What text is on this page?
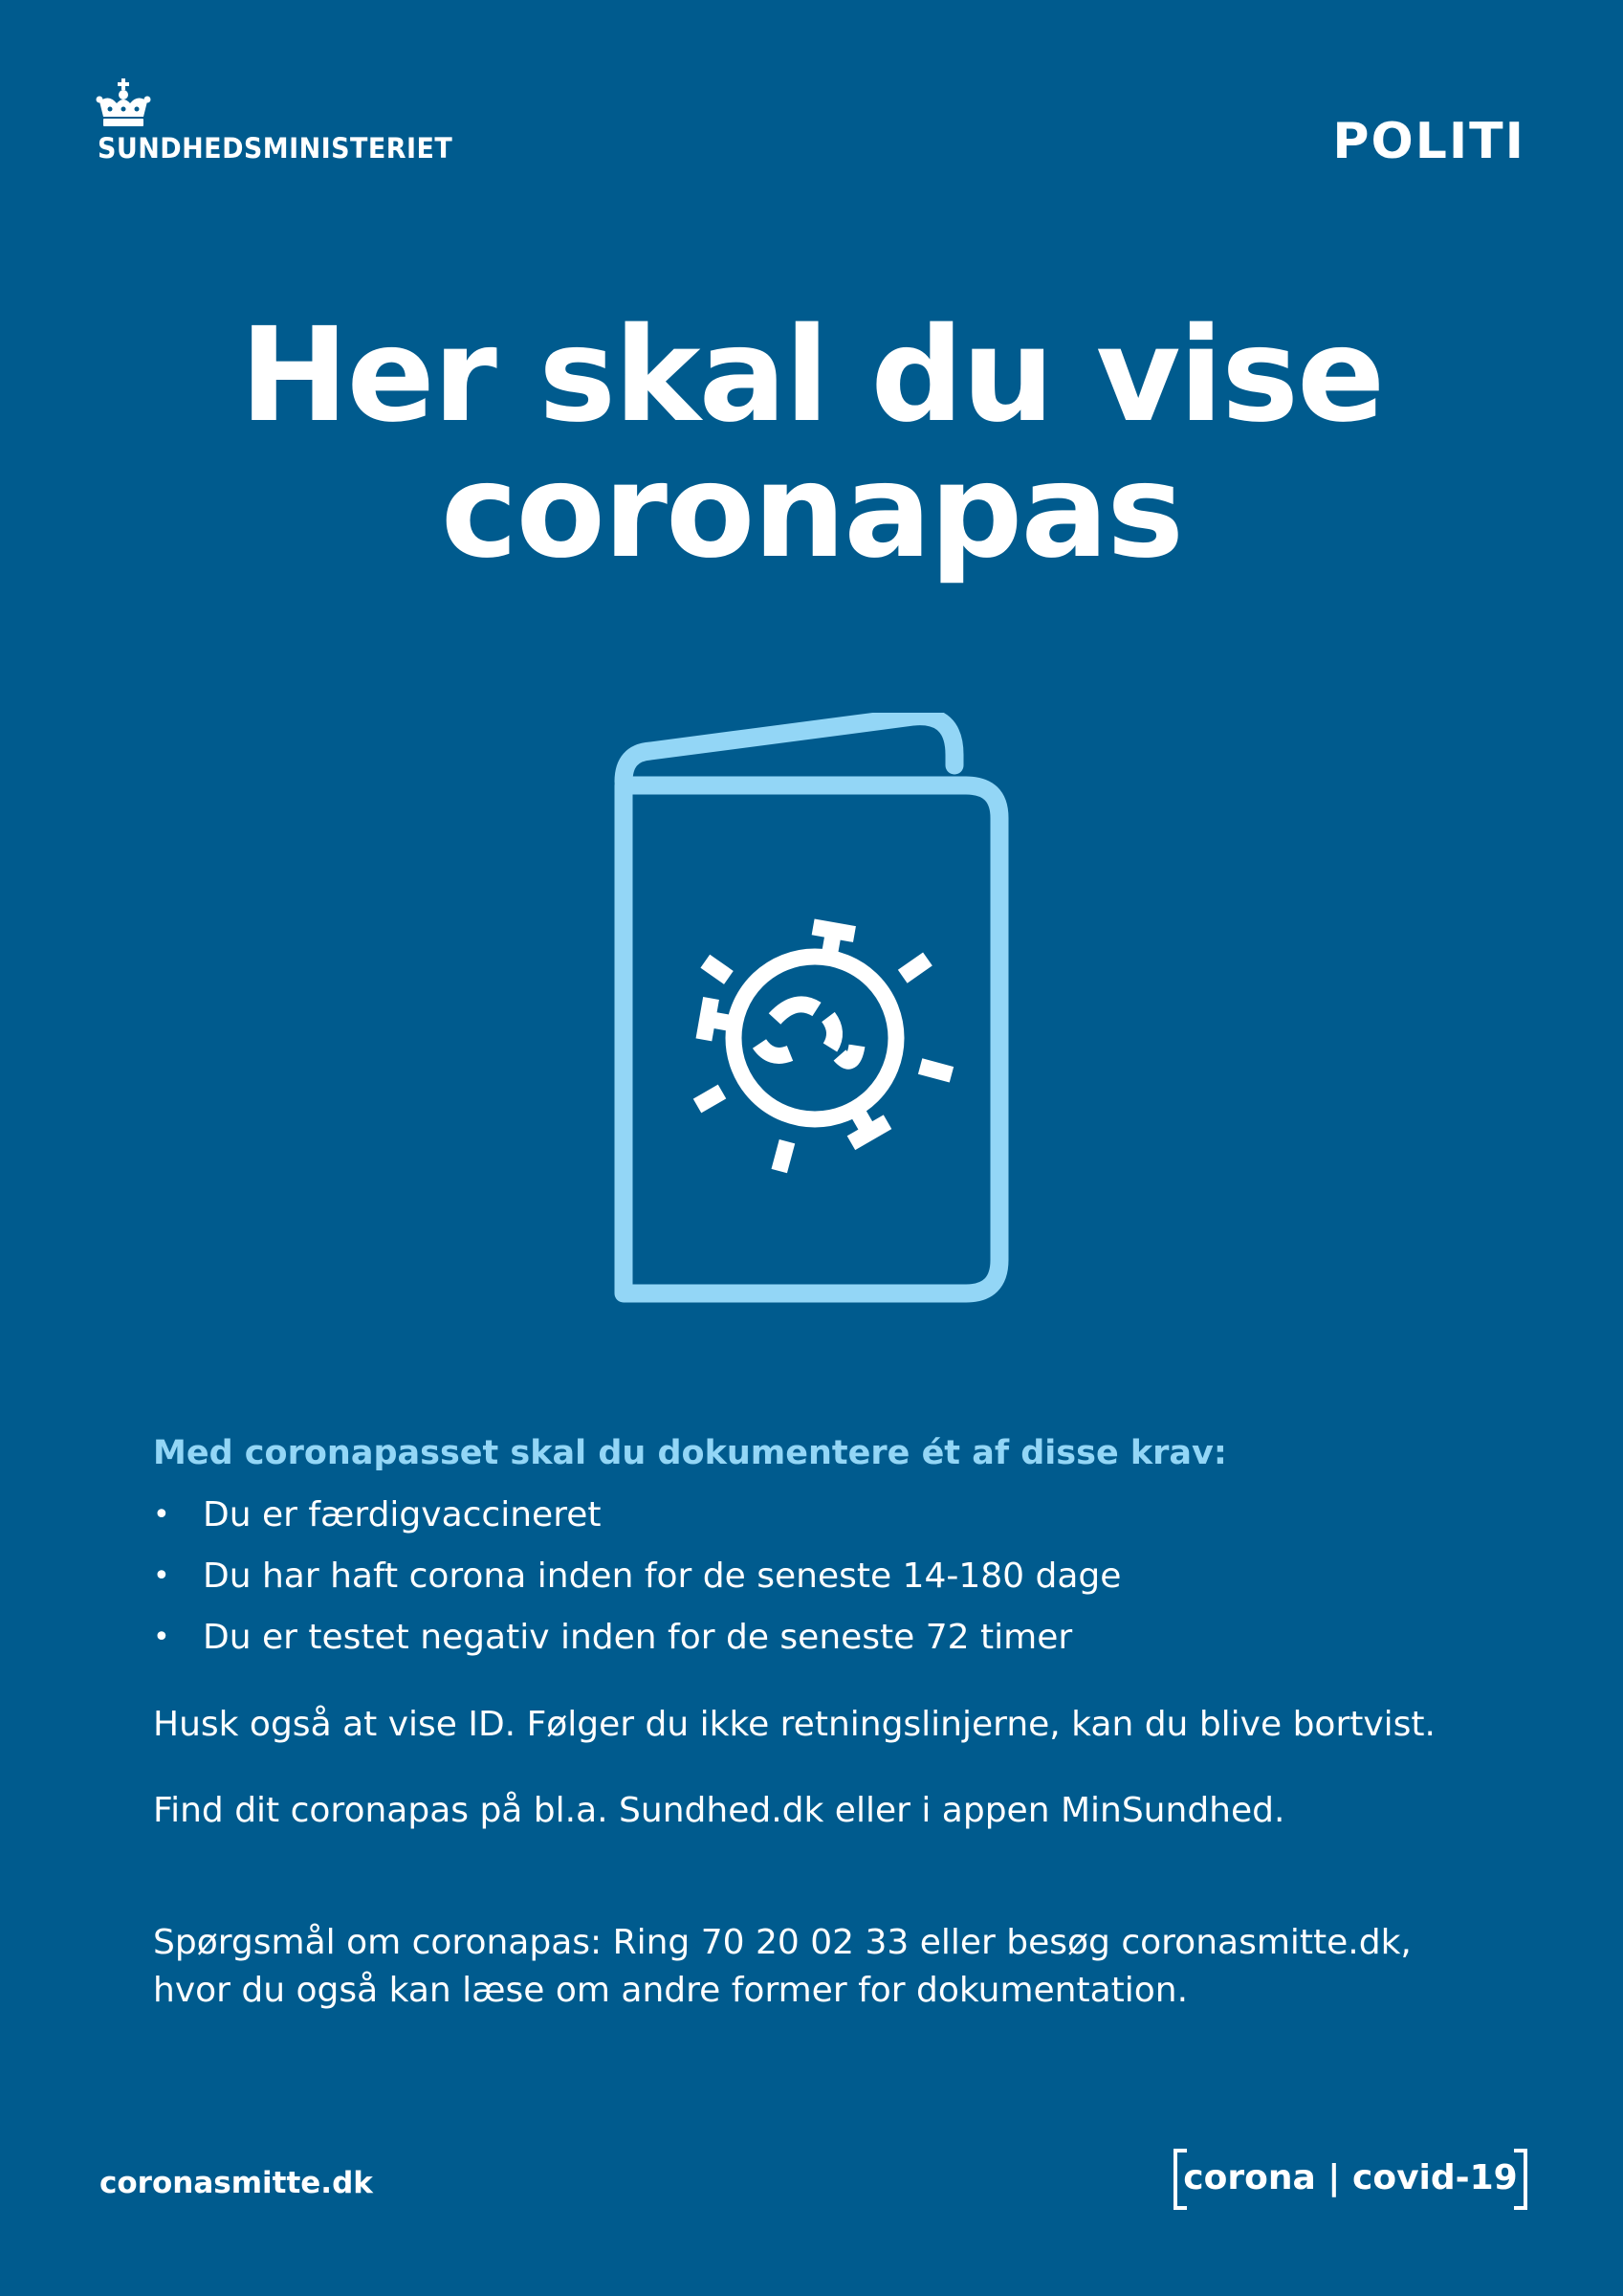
SUNDHEDSMINISTERIET	POLITI
Her skal du vise
coronapas
Med coronapasset skal du dokumentere ét af disse krav:
• Du er færdigvaccineret
• Du har haft corona inden for de seneste 14-180 dage
• Du er testet negativ inden for de seneste 72 timer
Husk også at vise ID. Følger du ikke retningslinjerne, kan du blive bortvist.
Find dit coronapas på bl.a. Sundhed.dk eller i appen MinSundhed.
Spørgsmål om coronapas: Ring 70 20 02 33 eller besøg coronasmitte.dk,
hvor du også kan læse om andre former for dokumentation.
coronasmitte.dk	corona | covid-19
